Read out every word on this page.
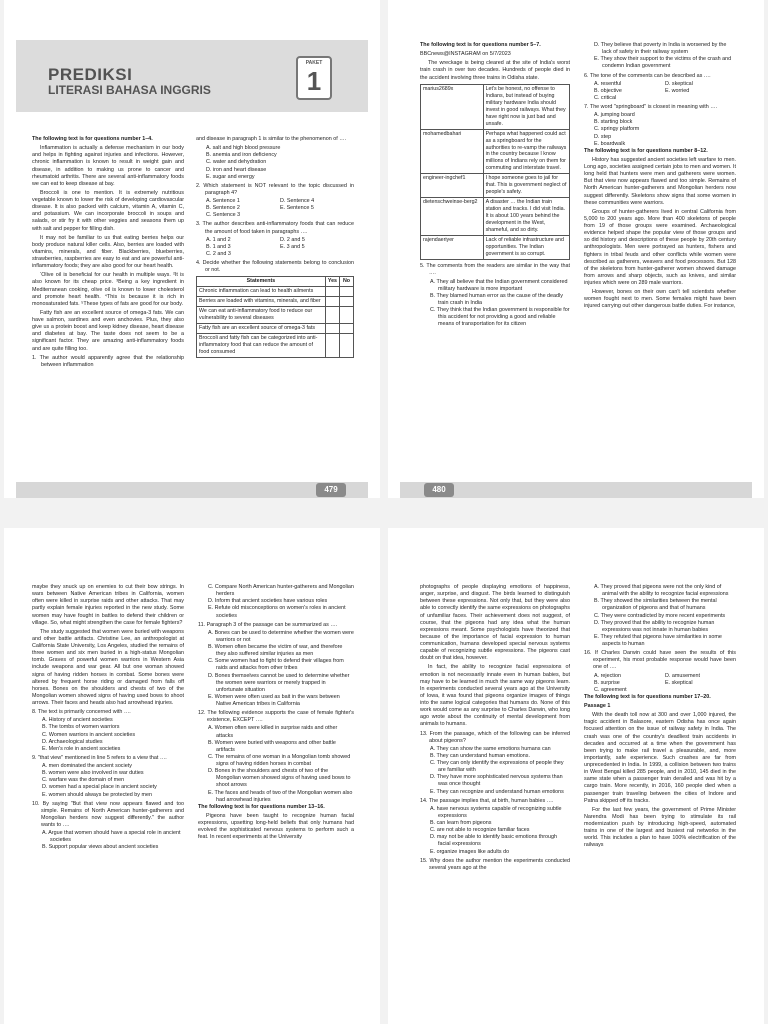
PREDIKSI
LITERASI BAHASA INGGRIS
PAKET
1
The following text is for questions number 1–4.
Inflammation is actually a defense mechanism in our body and helps in fighting against injuries and infections. However, chronic inflammation is known to result in weight gain and disease, in addition to making us prone to cancer and rheumatoid arthritis. There are several anti-inflammatory foods we can eat to keep disease at bay.
Broccoli is one to mention. It is extremely nutritious vegetable known to lower the risk of developing cardiovascular disease. It is also packed with calcium, vitamin A, vitamin C, and potassium. We can incorporate broccoli in soups and salads, or stir fry it with other veggies and seasons them up with salt and pepper for filling dish.
It may not be familiar to us that eating berries helps our body produce natural killer cells. Also, berries are loaded with vitamins, minerals, and fiber. Blackberries, blueberries, strawberries, raspberries are easy to eat and are powerful anti-inflammatory foods; they are also good for our heart health.
‘Olive oil is beneficial for our health in multiple ways. ²It is also known for its cheap price. ³Being a key ingredient in Mediterranean cooking, olive oil is known to lower cholesterol and promote heart health. ⁴This is because it is rich in monosaturated fats. ⁵These types of fats are good for our body.
Fatty fish are an excellent source of omega-3 fats. We can have salmon, sardines and even anchovies. Plus, they also give us a protein boost and keep kidney disease, heart disease and diabetes at bay. The taste does not seem to be a significant factor. They are amazing anti-inflammatory foods and are quite filling too.
1. The author would apparently agree that the relationship between inflammation
and disease in paragraph 1 is similar to the phenomenon of ….
A. salt and high blood pressure
B. anemia and iron deficiency
C. water and dehydration
D. iron and heart disease
E. sugar and energy
2. Which statement is NOT relevant to the topic discussed in paragraph 4?
A. Sentence 1	D. Sentence 4
B. Sentence 2	E. Sentence 5
C. Sentence 3
3. The author describes anti-inflammatory foods that can reduce the amount of food taken in paragraphs ….
A. 1 and 2	D. 2 and 5
B. 1 and 3	E. 3 and 5
C. 2 and 3
4. Decide whether the following statements belong to conclusion or not.
Statements	Yes	No
Chronic inflammation can lead to health ailments		
Berries are loaded with vitamins, minerals, and fiber		
We can eat anti-inflammatory food to reduce our vulnerability to several diseases		
Fatty fish are an excellent source of omega-3 fats		
Broccoli and fatty fish can be categorized into anti-inflammatory food that can reduce the amount of food consumed		
479
The following text is for questions number 5–7.
BBCnews@INSTAGRAM on 5/7/2023
The wreckage is being cleared at the site of India's worst train crash in over two decades. Hundreds of people died in the accident involving three trains in Odisha state.
marius2689x	Let's be honest, no offense to Indians, but instead of buying military hardware India should invest in good railways. What they have right now is just bad and unsafe.
mohamedbahari	Perhaps what happened could act as a springboard for the authorities to re-vamp the railways in the country because I know millions of Indians rely on them for commuting and interstate travel.
engineer-ingchef1	I hope someone goes to jail for that. This is government neglect of people's safety.
dietenschweinse-berg2	A disaster … the Indian train station and tracks. I did visit India. It is about 100 years behind the development in the West, shameful, and so dirty.
rajendaeriyer	Lack of reliable infrastructure and opportunities. The Indian government is so corrupt.
5. The comments from the readers are similar in the way that ….
A. They all believe that the Indian government considered military hardware is more important
B. They blamed human error as the cause of the deadly train crash in India
C. They think that the Indian government is responsible for this accident for not providing a good and reliable means of transportation for its citizen
D. They believe that poverty in India is worsened by the lack of safety in their railway system
E. They show their support to the victims of the crash and condemn Indian government
6. The tone of the comments can be described as ….
A. resentful	D. skeptical
B. objective	E. worried
C. critical
7. The word "springboard" is closest in meaning with ….
A. jumping board
B. starting block
C. springy platform
D. step
E. boardwalk
The following text is for questions number 8–12.
History has suggested ancient societies left warfare to men. Long ago, societies assigned certain jobs to men and women. It long held that hunters were men and gatherers were women. But that view now appears flawed and too simple. Remains of North American hunter-gatherers and Mongolian herders now suggest differently. Skeletons show signs that some women in these communities were warriors.
Groups of hunter-gatherers lived in central California from 5,000 to 200 years ago. More than 400 skeletons of people from 19 of those groups were examined. Archaeological evidence helped shape the popular view of those groups and so did history and descriptions of these people by 20th century anthropologists. Men were portrayed as hunters, fishers and fighters in tribal feuds and other conflicts while women were described as gatherers, weavers and food processors. But 128 of the skeletons from hunter-gatherer women showed damage from arrows and sharp objects, such as knives, and similar injuries which were on 289 male warriors.
However, bones on their own can't tell scientists whether women fought next to men. Some females might have been injured carrying out other dangerous battle duties. For instance,
480
maybe they snuck up on enemies to cut their bow strings. In wars between Native American tribes in California, women often were killed in surprise raids and other attacks. That may partly explain female injuries reported in the new study. Some women may have fought in battles to defend their children or village. So, what might strengthen the case for female fighters?
The study suggested that women were buried with weapons and other battle artifacts. Christine Lee, an anthropologist at California State University, Los Angeles, studied the remains of three women and six men buried in a high-status Mongolian tomb. Graves of powerful women warriors in Western Asia include weapons and war gear. All but one woman showed signs of having ridden horses in combat. Some bones were altered by frequent horse riding or damaged from falls off horses. Bones on the shoulders and chests of two of the Mongolian women showed signs of having used bows to shoot arrows. Their faces and heads also had arrowhead injuries.
8. The text is primarily concerned with ….
A. History of ancient societies
B. The tombs of women warriors
C. Women warriors in ancient societies
D. Archaeological studies
E. Men's role in ancient societies
9. "that view" mentioned in line 5 refers to a view that ….
A. men dominated the ancient society
B. women were also involved in war duties
C. warfare was the domain of men
D. women had a special place in ancient society
E. women should always be protected by men
10. By saying "But that view now appears flawed and too simple. Remains of North American hunter-gatherers and Mongolian herders now suggest differently." the author wants to ….
A. Argue that women should have a special role in ancient societies
B. Support popular views about ancient societies
C. Compare North American hunter-gatherers and Mongolian herders
D. Inform that ancient societies have various roles
E. Refute old misconceptions on women's roles in ancient societies
11. Paragraph 3 of the passage can be summarized as ….
A. Bones can be used to determine whether the women were warriors or not
B. Women often became the victim of war, and therefore they also suffered similar injuries as men
C. Some women had to fight to defend their villages from raids and attacks from other tribes
D. Bones themselves cannot be used to determine whether the women were warriors or merely trapped in unfortunate situation
E. Women were often used as bait in the wars between Native American tribes in California
12. The following evidence supports the case of female fighter's existence, EXCEPT ….
A. Women often were killed in surprise raids and other attacks
B. Women were buried with weapons and other battle artifacts
C. The remains of one woman in a Mongolian tomb showed signs of having ridden horses in combat
D. Bones in the shoulders and chests of two of the Mongolian women showed signs of having used bows to shoot arrows
E. The faces and heads of two of the Mongolian women also had arrowhead injuries
The following text is for questions number 13–16.
Pigeons have been taught to recognize human facial expressions, upsetting long-held beliefs that only humans had evolved the sophisticated nervous systems to perform such a feat. In recent experiments at the University
photographs of people displaying emotions of happiness, anger, surprise, and disgust. The birds learned to distinguish between these expressions. Not only that, but they were also able to correctly identify the same expressions on photographs of unfamiliar faces. Their achievement does not suggest, of course, that the pigeons had any idea what the human expressions meant. Some psychologists have theorized that because of the importance of facial expression to human communication, humans developed special nervous systems capable of recognizing subtle expressions. The pigeons cast doubt on that idea, however.
In fact, the ability to recognize facial expressions of emotion is not necessarily innate even in human babies, but may have to be learned in much the same way pigeons learn. In experiments conducted several years ago at the University of Iowa, it was found that pigeons organize images of things into the same logical categories that humans do. None of this work would come as any surprise to Charles Darwin, who long ago wrote about the continuity of mental development from animals to humans.
13. From the passage, which of the following can be inferred about pigeons?
A. They can show the same emotions humans can
B. They can understand human emotions.
C. They can only identify the expressions of people they are familiar with
D. They have more sophisticated nervous systems than was once thought
E. They can recognize and understand human emotions
14. The passage implies that, at birth, human babies ….
A. have nervous systems capable of recognizing subtle expressions
B. can learn from pigeons
C. are not able to recognize familiar faces
D. may not be able to identify basic emotions through facial expressions
E. organize images like adults do
15. Why does the author mention the experiments conducted several years ago at the
A. They proved that pigeons were not the only kind of animal with the ability to recognize facial expressions
B. They showed the similarities between the mental organization of pigeons and that of humans
C. They were contradicted by more recent experiments
D. They proved that the ability to recognize human expressions was not innate in human babies
E. They refuted that pigeons have similarities in some aspects to human
16. If Charles Darwin could have seen the results of this experiment, his most probable response would have been one of ….
A. rejection	D. amusement
B. surprise	E. skeptical
C. agreement
The following text is for questions number 17–20.
Passage 1
With the death toll now at 300 and over 1,000 injured, the tragic accident in Balasore, eastern Odisha has once again focused attention on the issue of railway safety in India. The crash was one of the country's deadliest train accidents in decades and occurred at a time when the government has been trying to make rail travel a pleasurable, and, more importantly, safe experience. Such crashes are far from unprecedented in India. In 1999, a collision between two trains in West Bengal killed 285 people, and in 2010, 145 died in the same state when a passenger train derailed and was hit by a cargo train. More recently, in 2016, 160 people died when a passenger train traveling between the cities of Indore and Patna skipped off its tracks.
For the last few years, the government of Prime Minister Narendra Modi has been trying to stimulate its rail modernization push by introducing high-speed, automated trains in one of the largest and busiest rail networks in the world. This includes a plan to have 100% electrification of the railways
